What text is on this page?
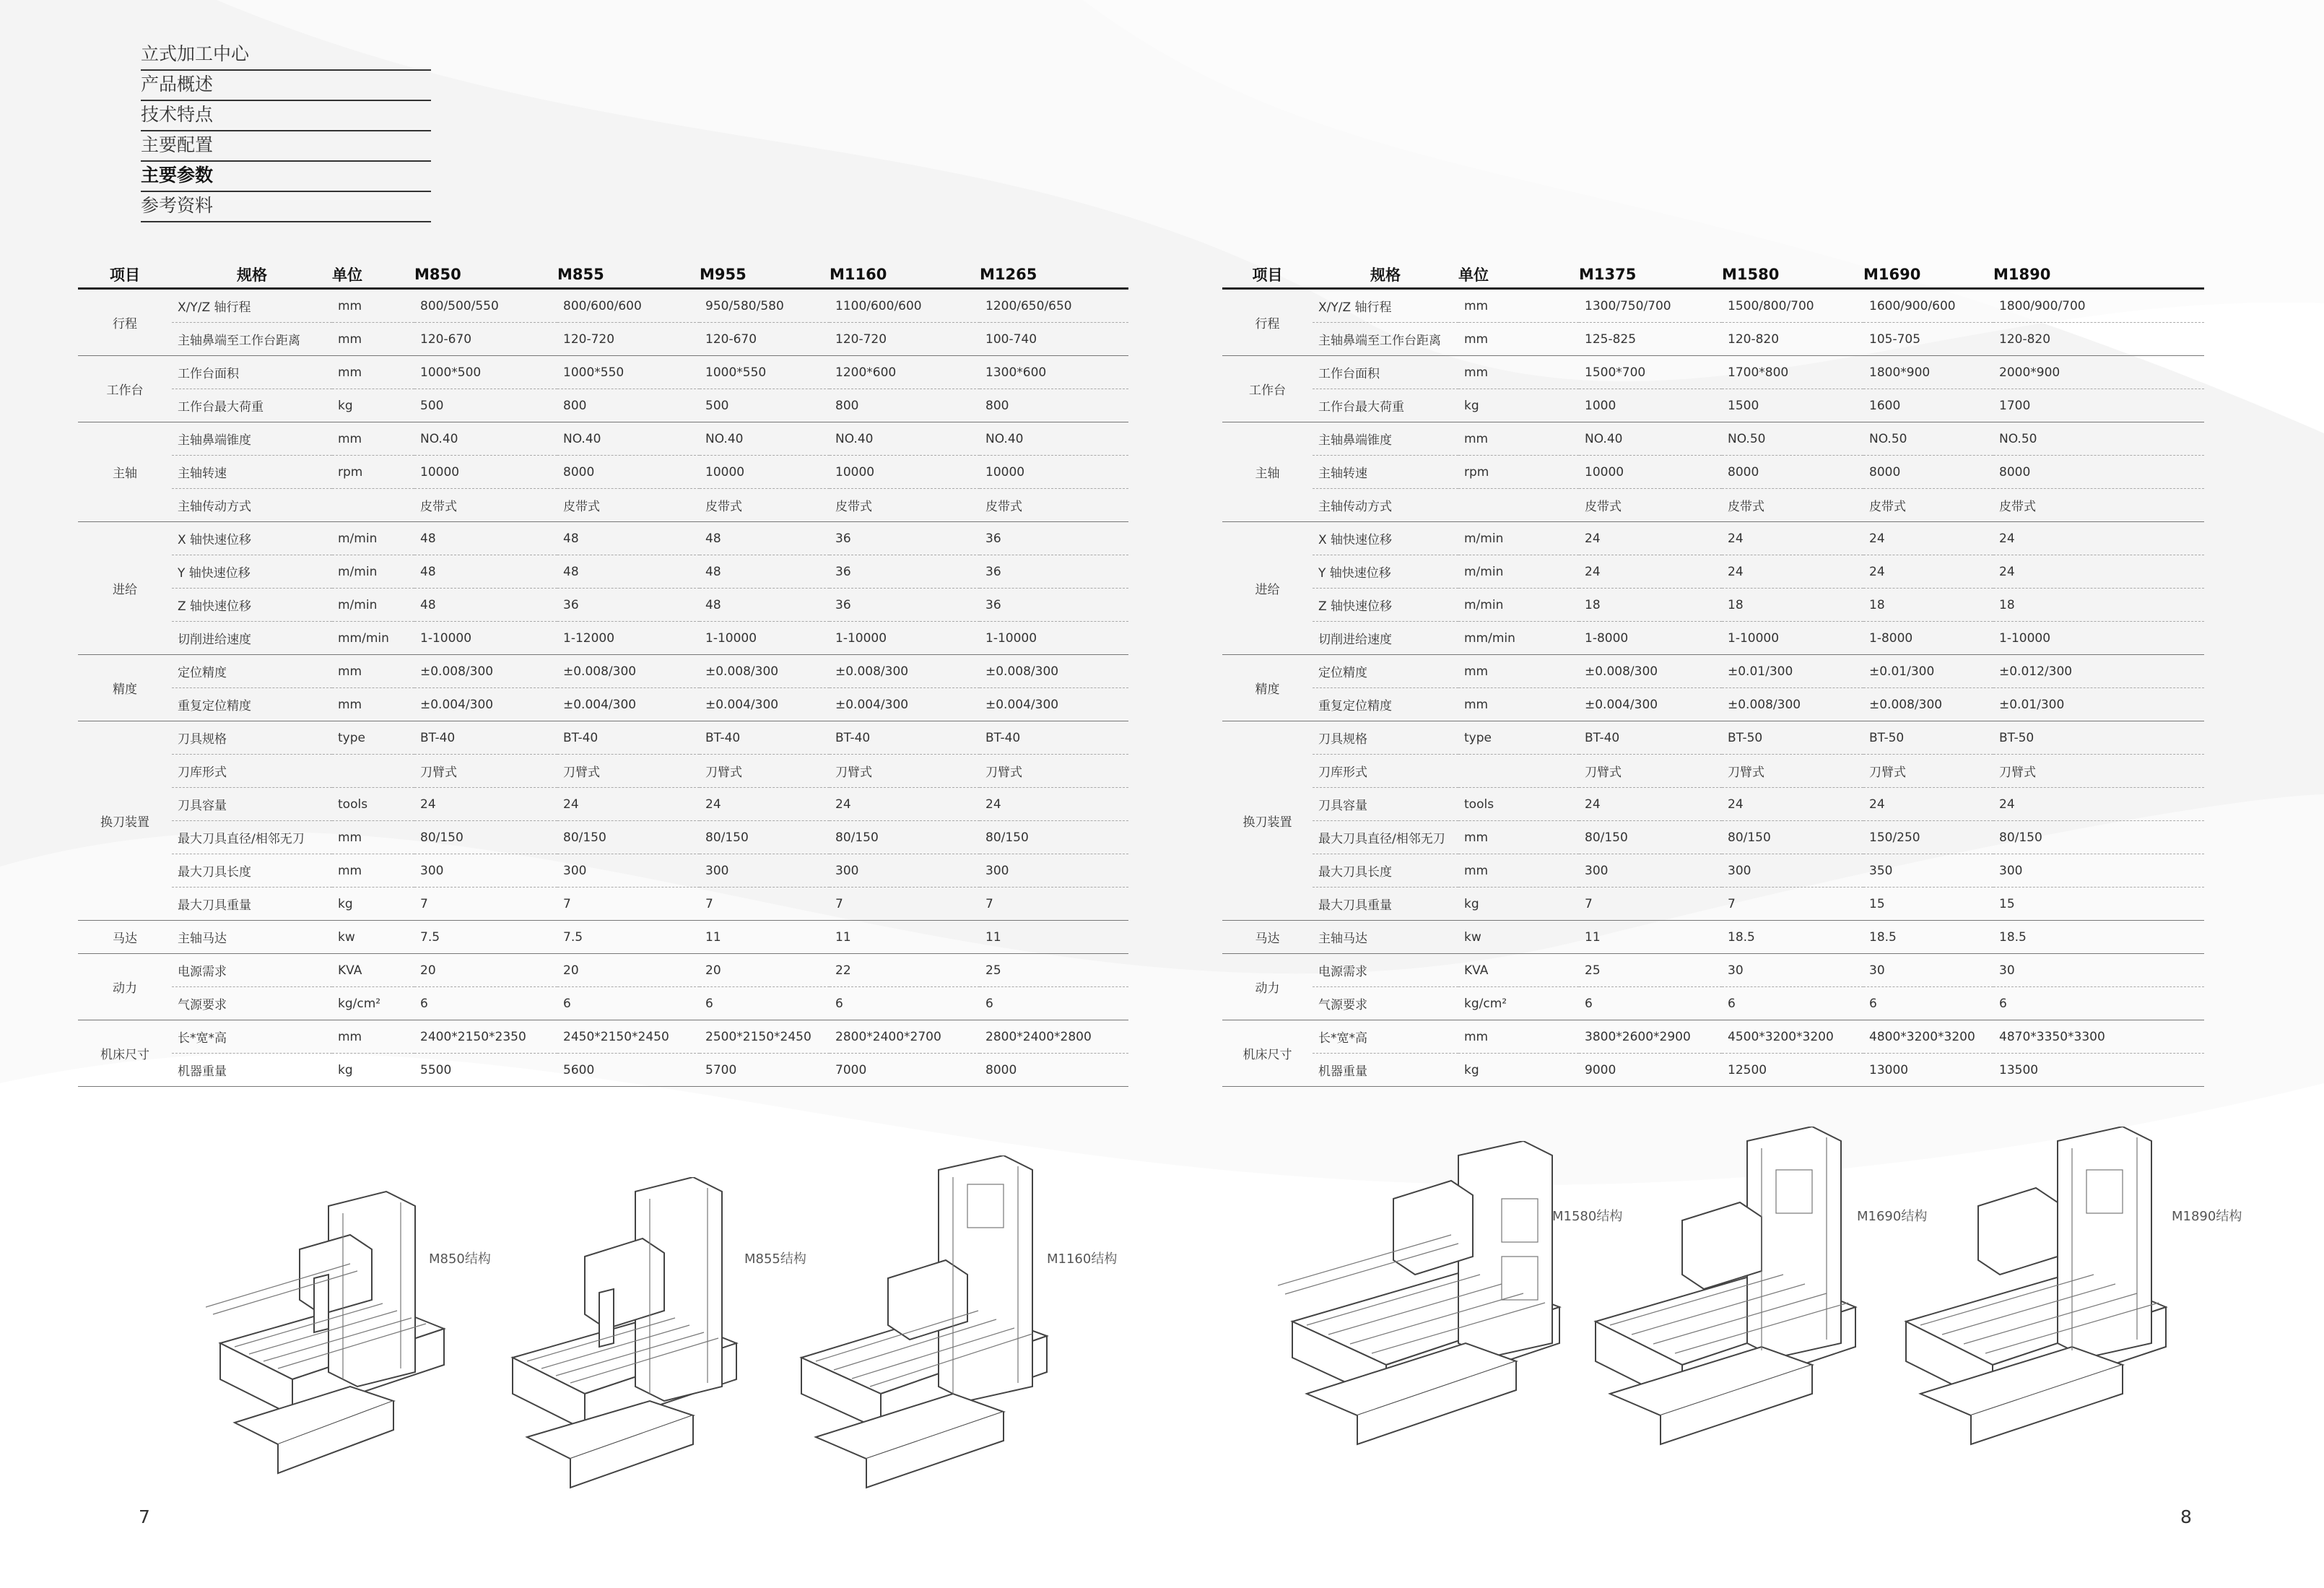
立式加工中心
产品概述
技术特点
主要配置
主要参数
参考资料
项目	规格	单位	M850	M855	M955	M1160	M1265
行程	X/Y/Z 轴行程	mm	800/500/550	800/600/600	950/580/580	1100/600/600	1200/650/650
	主轴鼻端至工作台距离	mm	120-670	120-720	120-670	120-720	100-740
工作台	工作台面积	mm	1000*500	1000*550	1000*550	1200*600	1300*600
	工作台最大荷重	kg	500	800	500	800	800
主轴	主轴鼻端锥度	mm	NO.40	NO.40	NO.40	NO.40	NO.40
	主轴转速	rpm	10000	8000	10000	10000	10000
	主轴传动方式		皮带式	皮带式	皮带式	皮带式	皮带式
进给	X 轴快速位移	m/min	48	48	48	36	36
	Y 轴快速位移	m/min	48	48	48	36	36
	Z 轴快速位移	m/min	48	36	48	36	36
	切削进给速度	mm/min	1-10000	1-12000	1-10000	1-10000	1-10000
精度	定位精度	mm	±0.008/300	±0.008/300	±0.008/300	±0.008/300	±0.008/300
	重复定位精度	mm	±0.004/300	±0.004/300	±0.004/300	±0.004/300	±0.004/300
换刀装置	刀具规格	type	BT-40	BT-40	BT-40	BT-40	BT-40
	刀库形式		刀臂式	刀臂式	刀臂式	刀臂式	刀臂式
	刀具容量	tools	24	24	24	24	24
	最大刀具直径/相邻无刀	mm	80/150	80/150	80/150	80/150	80/150
	最大刀具长度	mm	300	300	300	300	300
	最大刀具重量	kg	7	7	7	7	7
马达	主轴马达	kw	7.5	7.5	11	11	11
动力	电源需求	KVA	20	20	20	22	25
	气源要求	kg/cm²	6	6	6	6	6
机床尺寸	长*宽*高	mm	2400*2150*2350	2450*2150*2450	2500*2150*2450	2800*2400*2700	2800*2400*2800
	机器重量	kg	5500	5600	5700	7000	8000
项目	规格	单位	M1375	M1580	M1690	M1890
行程	X/Y/Z 轴行程	mm	1300/750/700	1500/800/700	1600/900/600	1800/900/700
	主轴鼻端至工作台距离	mm	125-825	120-820	105-705	120-820
工作台	工作台面积	mm	1500*700	1700*800	1800*900	2000*900
	工作台最大荷重	kg	1000	1500	1600	1700
主轴	主轴鼻端锥度	mm	NO.40	NO.50	NO.50	NO.50
	主轴转速	rpm	10000	8000	8000	8000
	主轴传动方式		皮带式	皮带式	皮带式	皮带式
进给	X 轴快速位移	m/min	24	24	24	24
	Y 轴快速位移	m/min	24	24	24	24
	Z 轴快速位移	m/min	18	18	18	18
	切削进给速度	mm/min	1-8000	1-10000	1-8000	1-10000
精度	定位精度	mm	±0.008/300	±0.01/300	±0.01/300	±0.012/300
	重复定位精度	mm	±0.004/300	±0.008/300	±0.008/300	±0.01/300
换刀装置	刀具规格	type	BT-40	BT-50	BT-50	BT-50
	刀库形式		刀臂式	刀臂式	刀臂式	刀臂式
	刀具容量	tools	24	24	24	24
	最大刀具直径/相邻无刀	mm	80/150	80/150	150/250	80/150
	最大刀具长度	mm	300	300	350	300
	最大刀具重量	kg	7	7	15	15
马达	主轴马达	kw	11	18.5	18.5	18.5
动力	电源需求	KVA	25	30	30	30
	气源要求	kg/cm²	6	6	6	6
机床尺寸	长*宽*高	mm	3800*2600*2900	4500*3200*3200	4800*3200*3200	4870*3350*3300
	机器重量	kg	9000	12500	13000	13500
M850结构	M855结构	M1160结构
M1580结构	M1690结构	M1890结构
7	8
